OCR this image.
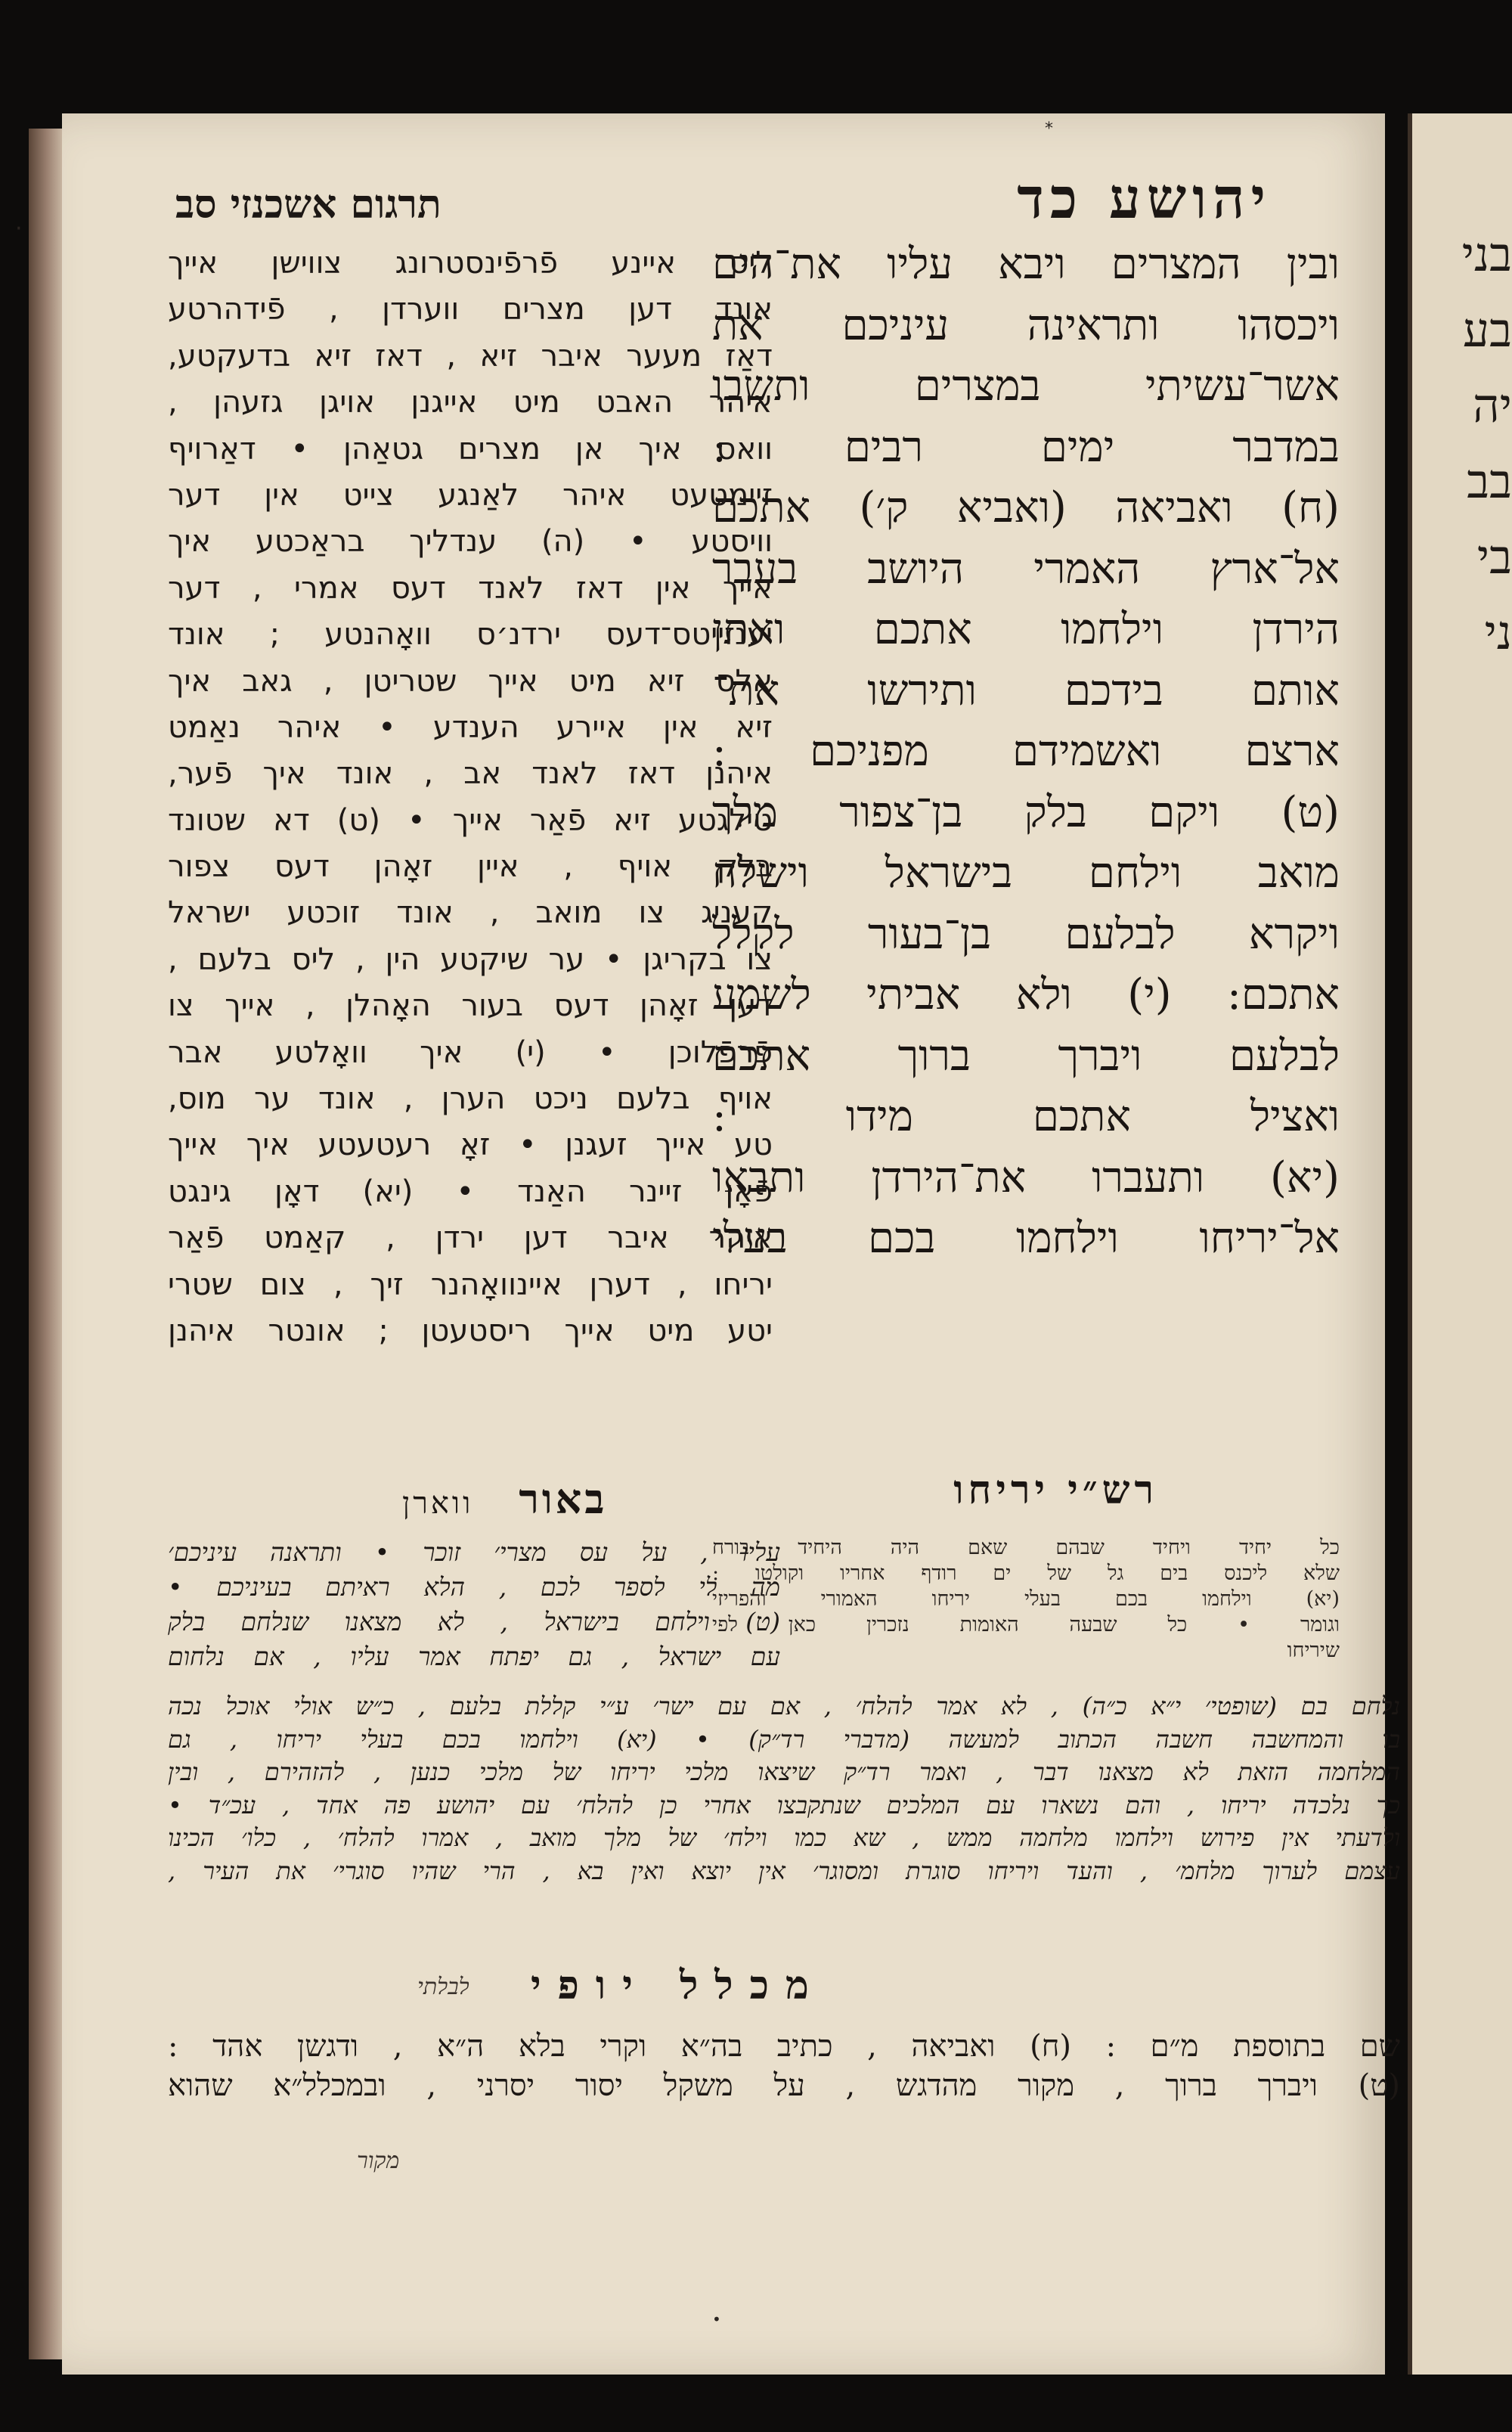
*
יהושע כד
תרגום אשכנזי סב
ובין המצרים ויבא עליו את־הים
ויכסהו ותראינה עיניכם את
אשר־עשיתי במצרים ותשבו
במדבר ימים רבים :
(ח) ואביאה (ואביא ק׳) אתכם
אל־ארץ האמרי היושב בעבר
הירדן וילחמו אתכם ואתן
אותם בידכם ותירשו את־
ארצם ואשמידם מפניכם :
(ט) ויקם בלק בן־צפור מלך
מואב וילחם בישראל וישלח
ויקרא לבלעם בן־בעור לקלל
אתכם: (י) ולא אביתי לשמע
לבלעם ויברך ברוך אתכם
ואציל אתכם מידו :
(יא) ותעברו את־הירדן ותבאו
אל־יריחו וילחמו בכם בעלי
ליס איינע פֿרפֿינסטרונג צווישן אייך
אונד דען מצרים ווערדן , פֿידהרטע
דאַז מעער איבר זיא , דאז זיא בדעקטע,
איהר האבט מיט אייגנן אויגן גזעהן ,
וואס איך אן מצרים גטאַהן • דאַרויף
זיימטעט איהר לאַנגע צייט אין דער
וויסטע • (ה) ענדליך בראַכטע איך
אייך אין דאז לאנד דעס אמרי , דער
יענזייטס־דעס ירדנ׳ס וואָהנטע ; אונד
אלס זיא מיט אייך שטריטן , גאב איך
זיא אין איירע הענדע • איהר נאַמט
איהנן דאז לאנד אב , אונד איך פֿער,
טילגטע זיא פֿאַר אייך • (ט) דא שטונד
בלק אויף , איין זאָהן דעס צפור
קעניג צו מואב , אונד זוכטע ישראל
צו בקריגן • ער שיקטע הין , ליס בלעם ,
דען זאָהן דעס בעור האָהלן , אייך צו
פֿרפֿלוכן • (י) איך וואָלטע אבר
אויף בלעם ניכט הערן , אונד ער מוס,
טע אייך זעגנן • זאָ רעטעטע איך אייך
פֿאָן זיינר האַנד • (יא) דאָן גינגט
איהר איבר דען ירדן , קאַמט פֿאַר
יריחו , דערן איינוואָהנר זיך , צום שטרי
יטע מיט אייך ריסטעטן ; אונטר איהנן
רש״י יריחו
באורווארן
כל יחיד ויחיד שבהם שאם היה היחיד בורח
שלא ליכנס בים גל של ים רודף אחריו וקולטו :
(יא) וילחמו בכם בעלי יריחו האמורי והפריזי
וגומר • כל שבעה האומות נזכרין כאן לפי
שיריחו
עליו , על עס מצרי׳ זוכר • ותראנה עיניכם׳
מה לי לספר לכם , הלא ראיתם בעיניכם •
(ט) וילחם בישראל , לא מצאנו שנלחם בלק
עם ישראל , גם יפתח אמר עליו , אם נלחום
נלחם בם (שופטי׳ י״א כ״ה) , לא אמר להלח׳ , אם עם ישר׳ ע״י קללת בלעם , כ״ש אולי אוכל נכה
בו והמחשבה חשבה הכתוב למעשה (מדברי רד״ק) • (יא) וילחמו בכם בעלי יריחו , גם
המלחמה הזאת לא מצאנו דבר , ואמר רד״ק שיצאו מלכי יריחו של מלכי כנען , להזהירם , ובין
כך נלכדה יריחו , והם נשארו עם המלכים שנתקבצו אחרי כן להלח׳ עם יהושע פה אחד , עכ״ד •
ולדעתי אין פירוש וילחמו מלחמה ממש , שא כמו וילח׳ של מלך מואב , אמרו להלח׳ , כלו׳ הכינו
עצמם לערוך מלחמ׳ , והעד ויריחו סוגרת ומסוגר׳ אין יוצא ואין בא , הרי שהיו סוגרי׳ את העיר ,
מכלל יופי
שם בתוספת מ״ם : (ח) ואביאה , כתיב בה״א וקרי בלא ה״א , ודגשן אהד :
(ט) ויברך ברוך , מקור מהדגש , על משקל יסור יסרני , ובמכלל״א שהוא
מקור
לבלתי
•
·	בני
בע
יה
בב
בי
ני
